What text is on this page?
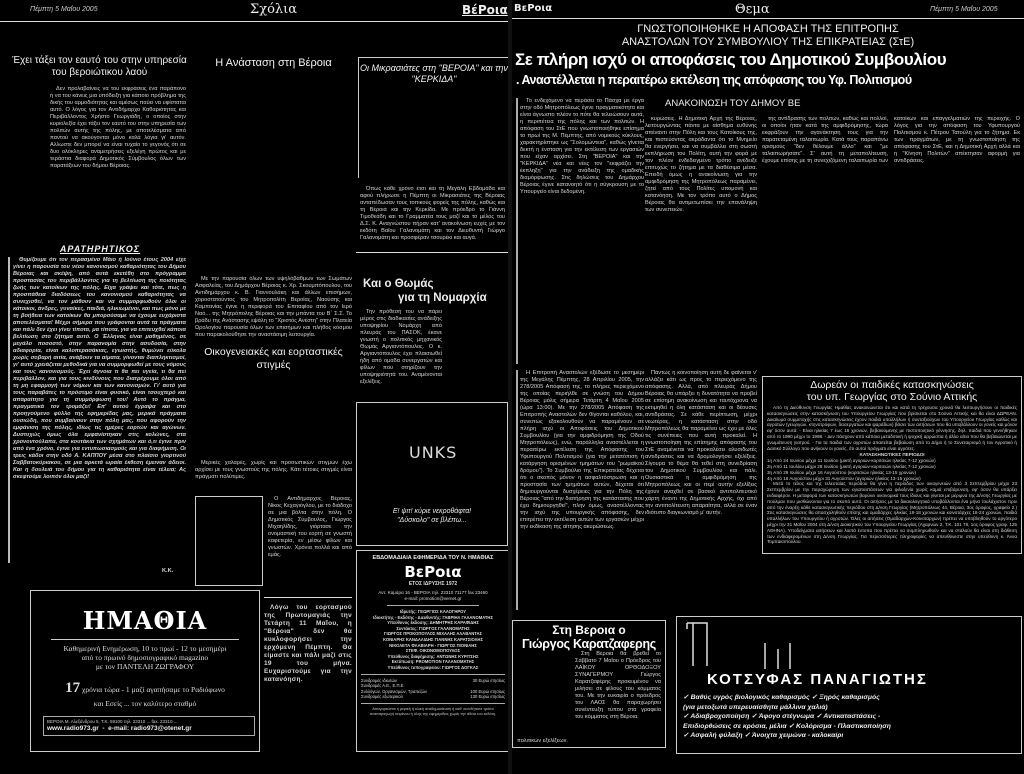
Πέμπτη 5 Μαΐου 2005	Σχόλια	ΒέΡοια
Έχει τάξει τον εαυτό του στην υπηρεσία του βεροιώτικου λαού

Δεν προλαβαίνεις να του εκφράσεις ένα παράπονο ή να του κάνεις μια υπόδειξη για κάποιο πρόβλημα της δικής του αρμοδιότητας και αμέσως παύει να υφίσταται αυτό. Ο λόγος για τον Αντιδήμαρχο Καθαριότητας και Περιβάλλοντος Χρήστο Γεωργιάδη, ο οποίος στην κυριολεξία έχει τάξει τον εαυτό του στην υπηρεσία των πολιτών αυτής της πόλης, με αποτελέσματα από παντού να ακούγονται μόνο καλά λόγια γι' αυτόν. Αλλωστε δεν μπορεί να είναι τυχαίο το γεγονός ότι σε δυο ολόκληρες αναμετρήσεις εξελέγη πρώτος και με τεράστια διαφορά Δημοτικός Σύμβουλος όλων των παρατάξεων του δήμου Βέροιας.

ΑΡΑΤΗΡΗΤΙΚΟΣ

Θυμίζουμε ότι τον περασμένο Μάιο ή Ιούνιο έτους 2004 είχε γίνει η παρουσία του νέου κανονισμού καθαριότητας του Δήμου Βέροιας και σκέψη, από αυτά εκετέθη στο πρόγραμμα προστασίας του περιβάλλοντος για τη βελτίωση της ποιότητας ζωής των κατοίκων της πόλης. Είχα γράψει και τότε, πως η προσπάθεια διαδόσεως του κανονισμού καθαριότητας να συνεχισθεί, να τον μάθουν και να συμμορφωθούν όλοι οι κάτοικοι, άνδρες, γυναίκες, παιδιά, ηλικιωμένοι, και πως μόνο με τη βοήθεια των κατοίκων θα μπορούσαμε να έχουμε ευχάριστα αποτελέσματα! Μέχρι σήμερα που γράφονται αυτά τα πράγματα και πάλι δεν έχει γίνει τίποτα, μα τίποτα, για να επιτευχθεί κάποια βελτίωση στο ζήτημα αυτό. Ο Έλληνας είναι μαθημένος, σε μεγάλο ποσοστό, στην παρανομία στην ασυδοσία, στην αδιαφορία, είναι καλοπερασάκιας, εγωιστής, θυμώνει εύκολα χωρίς σοβαρή αιτία, ανάβουν τα αίματα, γίνονται διαπληκτισμοί, γι' αυτό χρειάζεται μεθοδικά για να συμμορφωθεί με τους νόμους και τους κανονισμούς. Έχει άγνοια τι θα πει υγεία, τι θα πει περιβάλλον, και για τους κινδύνους που διατρέχουμε όλοι από τη μη εφαρμογή των νόμων και των κανονισμών. Γι' αυτό για τους παραβάτες το πρόστιμο είναι φυσικό, είναι τσουχτερό και απαραίτητο για τη συμμόρφωσή του! Αυτό το πράγμα, πραγματικά τον τρομάζει! Επ' αυτού έγραψα και στο προηγούμενο φύλλο της εφημερίδας μας, μερικά πράγματα ουσιώδη, που συμβαίνουν στην πόλη μας, που αφορούν την εμφάνιση της πόλης, ιδίως τις ημέρες εορτών και αγώνων. Δυστυχώς όμως όλα εμφανίστηκαν στις κολώνες, στα χρονοντούλαπα, στα κουτάκια των σχημάτων και ό,τι έγινε πριν από ένα χρόνο, έγινε για εντυπωσιασμούς και για διαφήμιση. Οι τρεις κάδοι στην οδό Α. ΚΑΠΠΟΥ μέσα στο πλαίσιο γιορτινού Σαββατοκύριακου, σε μια αρκετά ωραία έκθεση έμειναν άδειοι. Και η δουλειά του δήμου για τη καθαριότητα είναι τέλεια; Ας σκεφτούμε λοιπόν όλοι μαζί!

Κ.Κ.
ΗΜΑΘΙΑ
Καθημερινή Ενημέρωση, 10 το πρωί - 12 το μεσημέρι
από το πρωινό δημοσιογραφικό magazino
με τον ΠΑΝΤΕΛΗ ΖΩΓΡΑΦΟΥ
17 χρόνια τώρα - 1 μαζί αγαπήσαμε το Ραδιόφωνο
και Εσείς ... τον καλύτερο σταθμό
ΒΕΡΟΙΑ Μ. Αλεξάνδρου 5, Τ.Κ. 59100 τηλ. 23310 ... fax. 23310 ...
www.radio973.gr  -  e-mail: radio973@otenet.gr
Η Ανάσταση στη Βέροια

Με την παρουσία όλων των υψηλόβαθμων των Σωμάτων Ασφαλείας, του Δημάρχου Βέροιας κ. Χρ. Σκουμπόπουλου, του Αντιδημάρχου κ. Β. Γιαννουλάκη και άλλων επισήμων, χοροστατούντος του Μητροπολίτη Βεροίας, Ναούσης και Καμπανίας έγινε η περιφορά του Επιταφίου από τον Ιερό Ναό... της Μητρόπολης Βέροιας και την μπάντα του Β΄ Σ.Σ. Το βράδυ της Ανάστασης εψάλη το "Χριστός Ανέστη" στην Πλατεία Ωρολογίου παρουσία όλων των επισήμων και πλήθος κόσμου που παρακολούθησε την αναστάσιμη λειτουργία.

Οικογενειακές και εορταστικές στιγμές

Μερικές χαλαρές, χωρίς και προσωπικών στιγμών έχω αρχίσει με τους γνωστούς της πόλης. Κάτι τέτοιες στιγμές είναι πράγματι πολύτιμες.

Ο Αντιδήμαρχος Βέροιας, Νίκος Κεχαγιόγλου, με το διάδοχο σε μια βόλτα στην πόλη. Ο Δημοτικός Σύμβουλος, Γιώργος Μιχαηλίδης, γιόρτασε την ονομαστική του εορτή σε γνωστή καφετερία, εν μέσω φίλων και γνωστών. Χρόνια πολλά και από εμάς.

Λόγω του εορτασμού της Πρωτομαγιάς την Τετάρτη 11 Μαΐου, η "Βέροια" δεν θα κυκλοφορήσει την ερχόμενη Πέμπτη. Θα είμαστε και πάλι μαζί στις 19 του μήνα. Ευχαριστούμε για την κατανόηση.

Οι Μικρασιάτες στη "ΒΕΡΟΙΑ" και την "ΚΕΡΚΙΔΑ"

Όπως κάθε χρόνο έτσι και τη Μεγάλη Εβδομάδα και αφού πλήρωσε η Πέμπτη οι Μικρασιάτες της Βέροιας ανταπέδωσαν τους τοπικούς φορείς της πόλης, καθώς και τη Βέροια και την Κερκίδα. Με πρόεδρο το Γιάννη Τιμοθεάδη και το Γραμματέα τους μαζί και το μέλος του Δ.Σ. Κ. Αναγνώστου πήραν κατ' ανακοίνωση ευχές με τον εκδότη Βαΐου Γαλανομάτη και τον Διευθυντή Γιώργο Γαλανομάτη και προσφέραν τσουρέκι και αυγά.

Και ο Θωμάς
για τη Νομαρχία

Την πρόθεσή του να πάρει μέρος στις διαδικασίες ανάδειξης υποψηφίου Νομάρχη από πλευράς του ΠΑΣΟΚ, έκανε γνωστή ο πολιτικός μηχανικός Θωμάς Αργιαντόπουλος. Ο κ. Αργιαντόπουλος έχει πλαισιωθεί ήδη από ομάδα συνεργατών και φίλων που στηρίζουν την υποψηφιότητά του. Αναμένονται εξελίξεις.

UNKS
Ε! ψιτ! κύριε νεκροθάφτα!
"Δύσκολο" σε βλέπω...
ΕΒΔΟΜΑΔΙΑΙΑ ΕΦΗΜΕΡΙΔΑ ΤΟΥ Ν. ΗΜΑΘΙΑΣ
ΒεΡοια
ΕΤΟΣ ΙΔΡΥΣΗΣ 1972
Αντ. Καμάρα 16 - ΒΕΡΟΙΑ τηλ. 23310 71177 fax 23460
e-mail: promotion@vernet.gr
Ιδρυτής: ΓΕΩΡΓΙΟΣ ΚΑΛΟΓΗΡΟΥ
Ιδιοκτήτης - Εκδότης - Διευθυντής: ΓΑΒΡΙΗΛ ΓΑΛΑΝΟΜΑΤΗΣ
Υπεύθυνος έκδοσης: ΔΗΜΗΤΡΗΣ ΚΑΡΑΦΙΔΗΣ
Συντάκτες: ΓΙΩΡΓΟΣ ΓΑΛΑΝΟΜΑΤΗΣ
ΓΙΩΡΓΟΣ ΠΡΟΚΟΠΟΥΛΟΣ ΜΙΧΑΛΗΣ ΑΛΑΒΑΝΤΑΣ
ΚΟΝΙΑΡΗΣ ΚΑΝΔΑΛΙΔΗΣ ΓΙΑΝΝΗΣ ΚΑΡΑΤΣΙΟΛΗΣ
ΝΙΚΟΛΕΤΑ ΦΛΑΒΙΑΡΗ - ΓΙΩΡΓΟΣ ΠΙΟΝΙΑΗΣ
ΣΤΕΦ. ΟΙΚΟΝΟΜΟΠΟΥΛΟΣ
Υπεύθυνος διαφήμισης: ΑΝΤΩΝΗΣ ΚΥΡΙΤΣΗΣ
Εκτύπωση: PROMOTION ΓΑΛΑΝΟΜΑΤΗΣ
Υπεύθυνος τυπογραφείου: ΓΙΩΡΓΟΣ ΔΟΓΚΑΣ
Συνδρομές ιδιωτών	30 Ευρώ ετησίως
Συνδρομές Α.Ε., Ε.Π.Ε.
Συλλόγων, Οργανισμών, Τραπεζών	100 Ευρώ ετησίως
Συνδρομές εξωτερικού	130 Ευρώ ετησίως
Απαγορεύεται η μερική ή ολική αναδημοσίευση ή καθ' οιονδήποτε τρόπο αναπαραγωγή κειμένου ή ύλης της εφημερίδας χωρίς την άδεια του εκδότη.
ΒεΡοια	Θεμα	Πέμπτη 5 Μαΐου 2005
ΓΝΩΣΤΟΠΟΙΗΘΗΚΕ Η ΑΠΟΦΑΣΗ ΤΗΣ ΕΠΙΤΡΟΠΗΣ
ΑΝΑΣΤΟΛΩΝ ΤΟΥ ΣΥΜΒΟΥΛΙΟΥ ΤΗΣ ΕΠΙΚΡΑΤΕΙΑΣ (ΣτΕ)
Σε πλήρη ισχύ οι αποφάσεις του Δημοτικού Συμβουλίου
. Αναστέλλεται η περαιτέρω εκτέλεση της απόφασης του Υφ. Πολιτισμού

Το ενδεχόμενο να περάσει το Πάσχα με έργα στην οδό Μητροπόλεως έγινε πραγματικότητα και είναι άγνωστο πλέον το πότε θα τελειώσουν αυτά, η περιπέτεια της πόλης και των πολιτών. Η απόφαση του ΣτΕ που γνωστοποιήθηκε επίσημα το πρωί της Μ. Πέμπτης, από νομικούς κύκλους, χαρακτηρίστηκε ως "Σολομώντεια", καθώς γίνεται δεκτή η ένσταση για την εκτέλεση των εργασιών που είχαν αρχίσει. Στη "ΒΕΡΟΙΑ" και την "ΚΕΡΚΙΔΑ" νέα και νέες τον "εκφράζει την έκπληξη" για την ανάδειξη της ομαδικής διαμόρφωσης. Στις δηλώσεις του Δημάρχου Βέροιας έγινε κατανοητό ότι η σύγκρουση με το Υπουργείο είναι δεδομένη.

Η Επιτροπή Αναστολών εξέδωσε το μεσημέρι της Μεγάλης Πέμπτης, 28 Απριλίου 2005, την 278/2005 Απόφασή της, το πλήρες περιεχόμενο της οποίας περιήλθε σε γνώση του Δήμου Βέροιας μόλις σήμερα Τετάρτη 4 Μαΐου 2005 (ώρα 13:00). Με την 278/2005 Απόφαση της Επιτροπής Αναστολών δεν θίγονται καθόλου, και, συνεπώς εξακολουθούν να παραμένουν σε πλήρη ισχύ οι Αποφάσεις του Δημοτικού Συμβουλίου (για την αμφιδρόμηση της Οδού Μητροπόλεως), ενώ, παράλληλα αναστέλλεται η περαιτέρω εκτέλεση της Απόφασης του Υφυπουργού Πολιτισμού (για την μετατόπιση ή κατάργηση ορισμένων τμημάτων του "ρωμαϊκού δρόμου"). Το Συμβούλιο της Επικρατείας δέχεται ότι ο σκοπός μόνον η ασφαλτόστρωση και η προστασία των τμημάτων αυτών, δέχεται ότι δημιουργούνται δυσχέρειες για την Πόλη της Βέροιας "από την διατήρηση της κατάστασης που έχει δημιουργηθεί", πλην όμως, αναστέλλοντας την ισχύ της υπουργικής απόφασης, δεν επιτρέπει την εκτέλεση αυτών των εργασιών μέχρι την εκδίκαση της αίτησης ακυρώσεως.

ΑΝΑΚΟΙΝΩΣΗ ΤΟΥ ΔΗΜΟΥ ΒΕ

κυρώσεις. Η Δημοτική Αρχή της Βέροιας, λειτουργώντας πάντα με αίσθημα ευθύνης απέναντι στην Πόλη και τους Κατοίκους της, και πιστεύοντας ακράδαντα ότι το Μνημείο θα ενεργήσει, και να συμβάλλει στη σωστή εκπλήρωση του Πολίτη, αυτή την φορά με τον πλέον ενδεδειγμένο τρόπο ανέδειξε επιτυχώς το ζήτημα με τα διαθέσιμα μέσα. Επειδή όμως η ανακοίνωση για την αμφιδρόμηση της Μητροπόλεως παραμένει, ζητεί από τους Πολίτες υπομονή και κατανόηση. Με τον τρόπο αυτό ο Δήμος Βέροιας θα αντιμετωπίσει την επανάληψη των συνεπειών.

Πάντως η κοινοποίηση αυτή δε φαίνεται ν' αλλάζει κάτι ως προς το περιεχόμενο της απόφασης. Αλλά, από πλευράς Δήμου Βέροιας θα υπάρξει η δυνατότητα να προβεί σε επίσημη ανακοίνωση και ταυτόχρονα να εκτιμηθεί η όλη κατάσταση και οι δέουσες αντιδράσεις. Σε κάθε περίπτωση, μέχρι νεωτέρας, η κατάσταση στην οδό Μητροπόλεως θα παραμείνει ως έχει με όλες τις συνέπειες που αυτή προκαλεί. Η γνωστοποίηση της επίσημης απόφασης του ΣτΕ αναμένεται να προκαλέσει αλυσιδωτές αντιδράσεις και να δρομολογήσει εξελίξεις. Σίγουρα το θέμα θα τεθεί στη συνεδρίαση του Δημοτικού Συμβουλίου και πάλι. Ουσιαστικά η αμφιδρόμηση της Μητροπόλεως και οι περί αυτήν εξελίξεις έχουν αναχθεί σε βασικό αντιπολιτευτικό χάρτη έναντι της Δημοτικής Αρχής, όχι από την αντιπολίτευση απαραίτητα, αλλά σε έναν ιδιότυπο διαγκωνισμό μ' αυτήν.

της αντίδρασης των πολιτών, καθώς και πολλοί, οι οποίοι ήταν κατά της αμφιδρόμησης, τώρα εκφράζουν την αγανάκτηση τους για την παρατεταμένη ταλαιπωρία. Κατά τους παραπάνω ορισμούς "δεν θέλουμε άλλο" και "με ταλαιπωρήσατε". Σ' αυτή τη μεταπολίτευση, έχουμε επίσης με τη συνεχιζόμενη ταλαιπωρία των κατοίκων και επαγγελματιών της περιοχής. Ο λόγος για την απόφαση του Υφυπουργού Πολιτισμού κ. Πέτρου Τατούλη για το ζήτημα. Εκ των πραγμάτων, με τη γνωστοποίηση της απόφασης του ΣτΕ, και η Δημοτική Αρχή αλλά και η "Κίνηση Πολιτών" απέκτησαν αφορμή για αντιδράσεις.

Δωρεάν οι παιδικές κατασκηνώσεις
του υπ. Γεωργίας στο Σούνιο Αττικής

Από τη Διεύθυνση Γεωργίας Ημαθίας ανακοινώνεται ότι και κατά τη τρέχουσα χρονιά θα λειτουργήσουν οι παιδικές κατασκηνώσεις στην κατασκήνωση του Υπουργείου Γεωργίας που βρίσκεται στο Σούνιο Αττικής και θα είναι ΔΩΡΕΑΝ. Δικαίωμα συμμετοχής στις κατασκηνώσεις έχουν παιδιά υπαλλήλων ή συνταξιούχων του Υπουργείου Γεωργίας καθώς και αγροτών (γεωργών, κτηνοτρόφων, δασεργατών και ψαράδων) βάσει των αιτήσεων που θα υποβάλλουν οι γονείς και μόνον εφ' όσον αυτά: - Είναι ηλικίας 7 έως 15 χρονών, βεβαιούμενης με πιστοποιητικό γέννησης, δηλ. παιδιά που γεννήθηκαν από το 1990 μέχρι το 1998. - Δεν πάσχουν από κάποια μεταδοτική ή ψυχική αρρώστια ή άλλο αίτιο που θα βεβαιώνεται με γνωμάτευση γιατρού. - Για τα παιδιά των αγροτών απαιτείται βεβαίωση από το Δήμο ή το Συνεταιρισμό ή τον Αγροτικό ή Δασικό Σύλλογο που ανήκουν οι γονείς, ότι αυτοί πράγματι είναι αγρότες.

ΚΑΤΑΣΚΗΝΩΤΙΚΕΣ ΠΕΡΙΟΔΟΙ
1η Από 24 Ιουνίου μέχρι 11 Ιουλίου (μικτή αγοριών-κοριτσιών ηλικίας 7-12 χρονών)
2η Από 11 Ιουλίου μέχρι 28 Ιουλίου (μικτή αγοριών-κοριτσιών ηλικίας 7-12 χρονών)
3η Από 29 Ιουλίου μέχρι 16 Αυγούστου (κοριτσιών ηλικίας 13-15 χρονών)
4η Από 16 Αυγούστου μέχρι 31 Αυγούστου (αγοριών ηλικίας 13-15 χρονών)

Μετά το τέλος και της τελευταίας περιόδου θα γίνει η περίοδος των οικογενειών από 3 Σεπτεμβρίου μέχρι 23 Σεπτεμβρίου με την παραχώρηση των εγκαταστάσεων για φιλοξενία χωρίς καμιά επιβάρυνση, εφ' όσον θα υπάρξει ενδιαφέρον. Η μεταφορά των κατασκηνωτών βαρύνει οικονομικά τους ίδιους και γίνεται με μέριμνα της Δ/νσης Γεωργίας με πούλμαν που μισθώνονται για το σκοπό αυτό. Οι αιτήσεις με τα δικαιολογητικά υποβάλλονται ένα μήνα τουλάχιστον πριν από την έναρξη κάθε κατασκηνωτικής περιόδου στη Δ/νση Γεωργίας (Μητροπόλεως 44, Βέροια, 3ος όροφος, γραφείο 2.) Στις κατασκηνώσεις θα απασχοληθούν επίσης και ομαδάρχες ηλικίας 18-18 χρονών και κοινοτάρχες 18-24 χρονών, παιδιά υπαλλήλων του Υπουργείου ή αγροτών. Όλες οι αιτήσεις (Ομαδαρχών-Κοινοταρχών) πρέπει να υποβληθούν το αργότερο μέχρι την 31 Μαΐου 2004 στη Δ/νση Διοικητικού του Υπουργείου Γεωργίας (Αχαρνών 2, Τ.Κ. 101 76, 1ος όροφος γραφ. 125 ΑΘΗΝΑ). Υποδείγματα αιτήσεων και λοιπά έντυπα που πρέπει να συμπληρωθούν και να σταλούν θα είναι στη διάθεση των ενδιαφερομένων στη Δ/νση Γεωργίας. Για περισσότερες πληροφορίες να απευθύνεστε στην υπεύθυνη κ. Άννα Τομπακοπούλου.

Στη Βεροια ο
Γιώργος Καρατζαφερης

Στη Βέροια θα βρεθεί το Σάββατο 7 Μαΐου ο Πρόεδρος του ΛΑΪΚΟΥ ΟΡΘΟΔΟΞΟΥ ΣΥΝΑΓΕΡΜΟΥ Γιώργος Καρατζαφέρης προκειμένου να μιλήσει σε φίλους του κόμματος του. Με την ευκαιρία ο πρόεδρος του ΛΑΟΣ θα παραχωρήσει συνέντευξη τύπου στα γραφεία του κόμματος στη Βέροια.

πολιτικών εξελίξεων.
ΚΟΤΣΥΦΑΣ ΠΑΝΑΓΙΩΤΗΣ
✓ Βαθύς υγρός βιολογικός καθαρισμός ✓ Ξηρός καθαρισμός
(για μετοξωτά υπερευαίσθητα μάλλινα χαλιά)
✓ Αδιαβροχοποίηση ✓ Άφογο στέγνωμα ✓ Αντικαταστάσεις -
Επιδιορθώσεις σε κρόσια, μέλια ✓ Κολόρισμα - Πλαστικοποίηση
✓ Ασφαλή φύλαξη ✓ Άνοιχτα χειμώνα - καλοκαίρι
